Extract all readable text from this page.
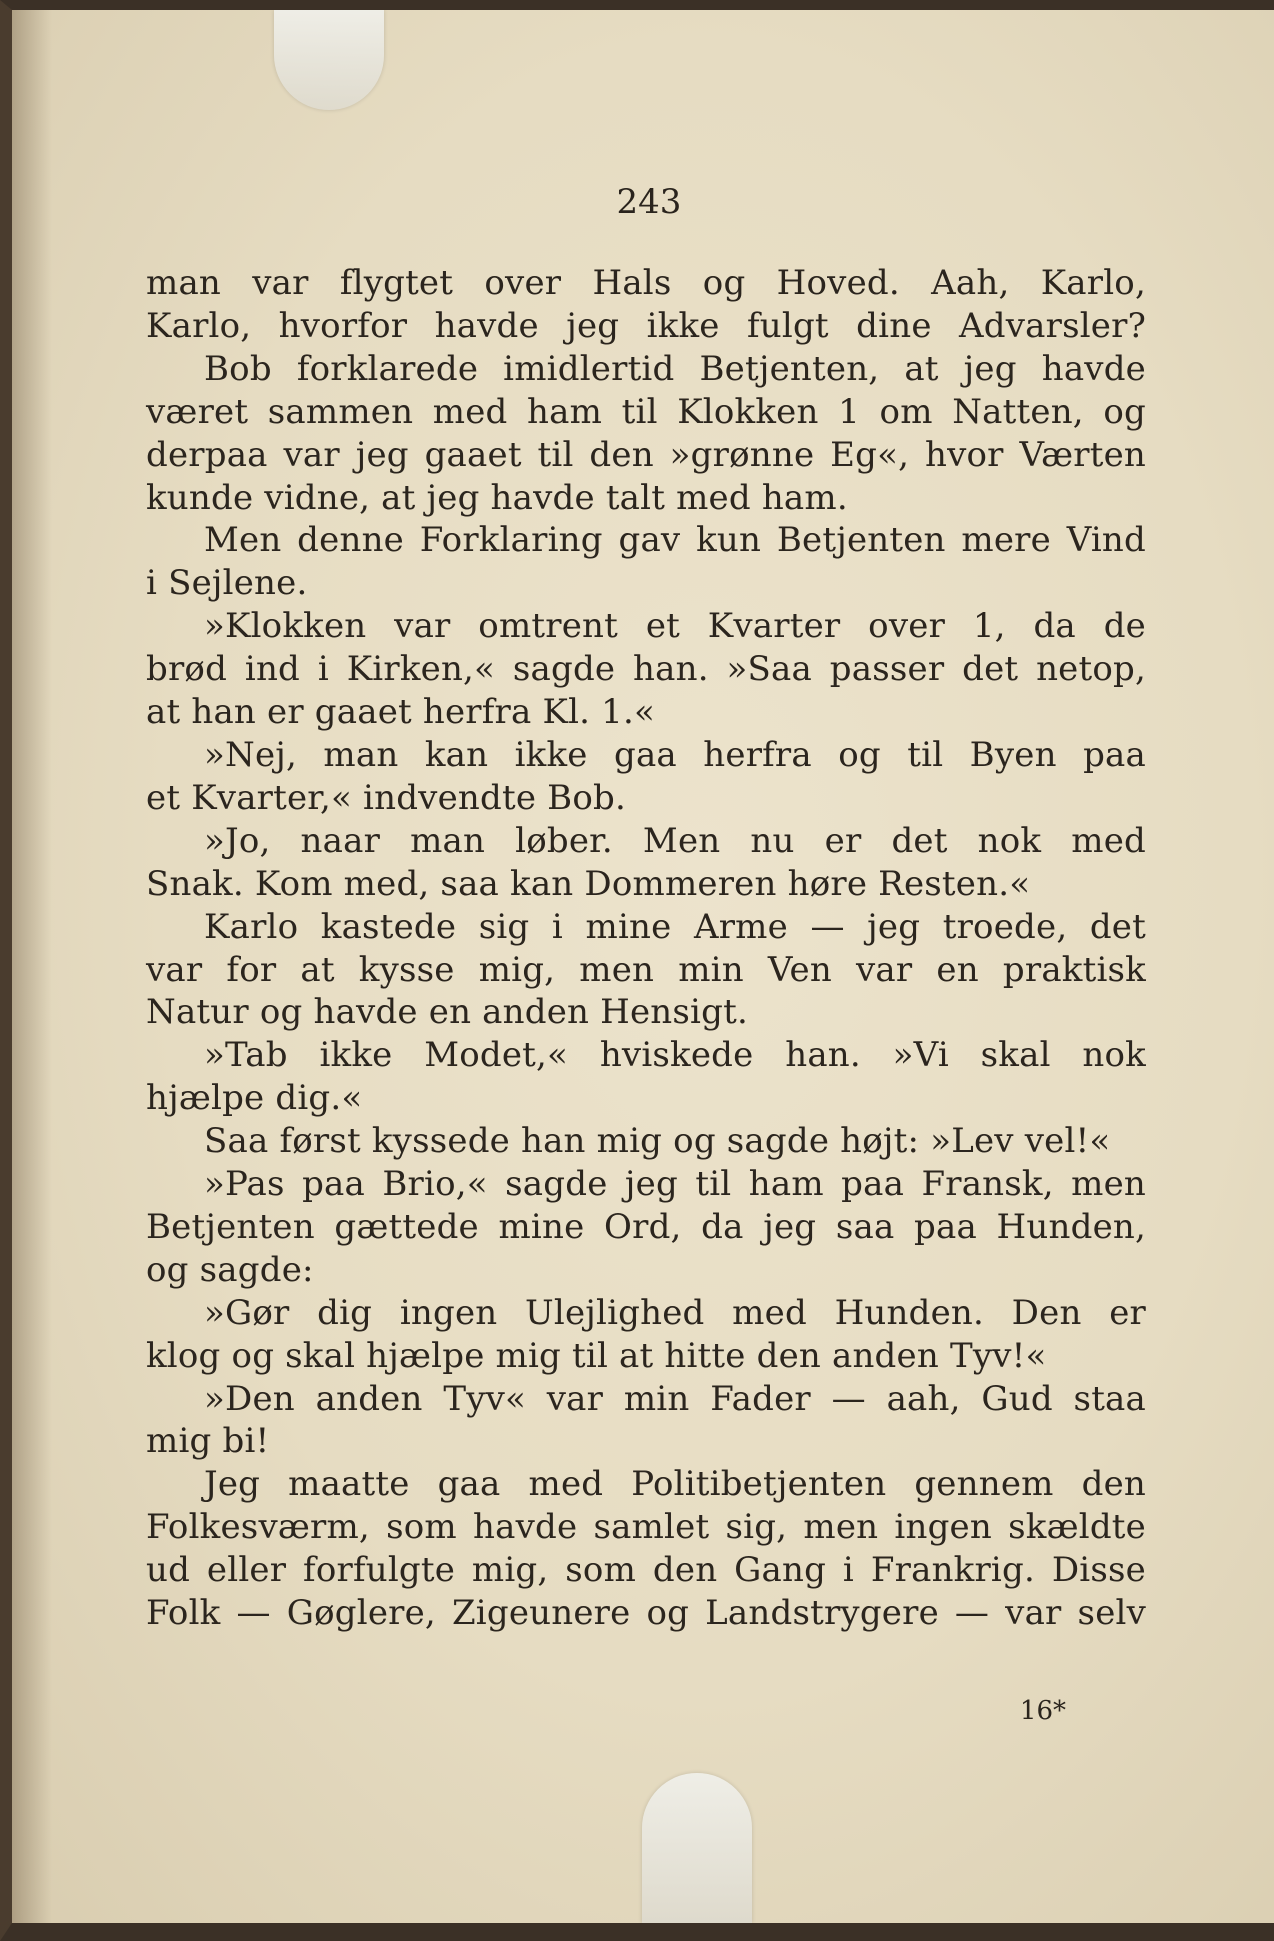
243
man var flygtet over Hals og Hoved. Aah, Karlo,
Karlo, hvorfor havde jeg ikke fulgt dine Advarsler?
Bob forklarede imidlertid Betjenten, at jeg havde
været sammen med ham til Klokken 1 om Natten, og
derpaa var jeg gaaet til den »grønne Eg«, hvor Værten
kunde vidne, at jeg havde talt med ham.
Men denne Forklaring gav kun Betjenten mere Vind
i Sejlene.
»Klokken var omtrent et Kvarter over 1, da de
brød ind i Kirken,« sagde han. »Saa passer det netop,
at han er gaaet herfra Kl. 1.«
»Nej, man kan ikke gaa herfra og til Byen paa
et Kvarter,« indvendte Bob.
»Jo, naar man løber. Men nu er det nok med
Snak. Kom med, saa kan Dommeren høre Resten.«
Karlo kastede sig i mine Arme — jeg troede, det
var for at kysse mig, men min Ven var en praktisk
Natur og havde en anden Hensigt.
»Tab ikke Modet,« hviskede han. »Vi skal nok
hjælpe dig.«
Saa først kyssede han mig og sagde højt: »Lev vel!«
»Pas paa Brio,« sagde jeg til ham paa Fransk, men
Betjenten gættede mine Ord, da jeg saa paa Hunden,
og sagde:
»Gør dig ingen Ulejlighed med Hunden. Den er
klog og skal hjælpe mig til at hitte den anden Tyv!«
»Den anden Tyv« var min Fader — aah, Gud staa
mig bi!
Jeg maatte gaa med Politibetjenten gennem den
Folkesværm, som havde samlet sig, men ingen skældte
ud eller forfulgte mig, som den Gang i Frankrig. Disse
Folk — Gøglere, Zigeunere og Landstrygere — var selv
16*
